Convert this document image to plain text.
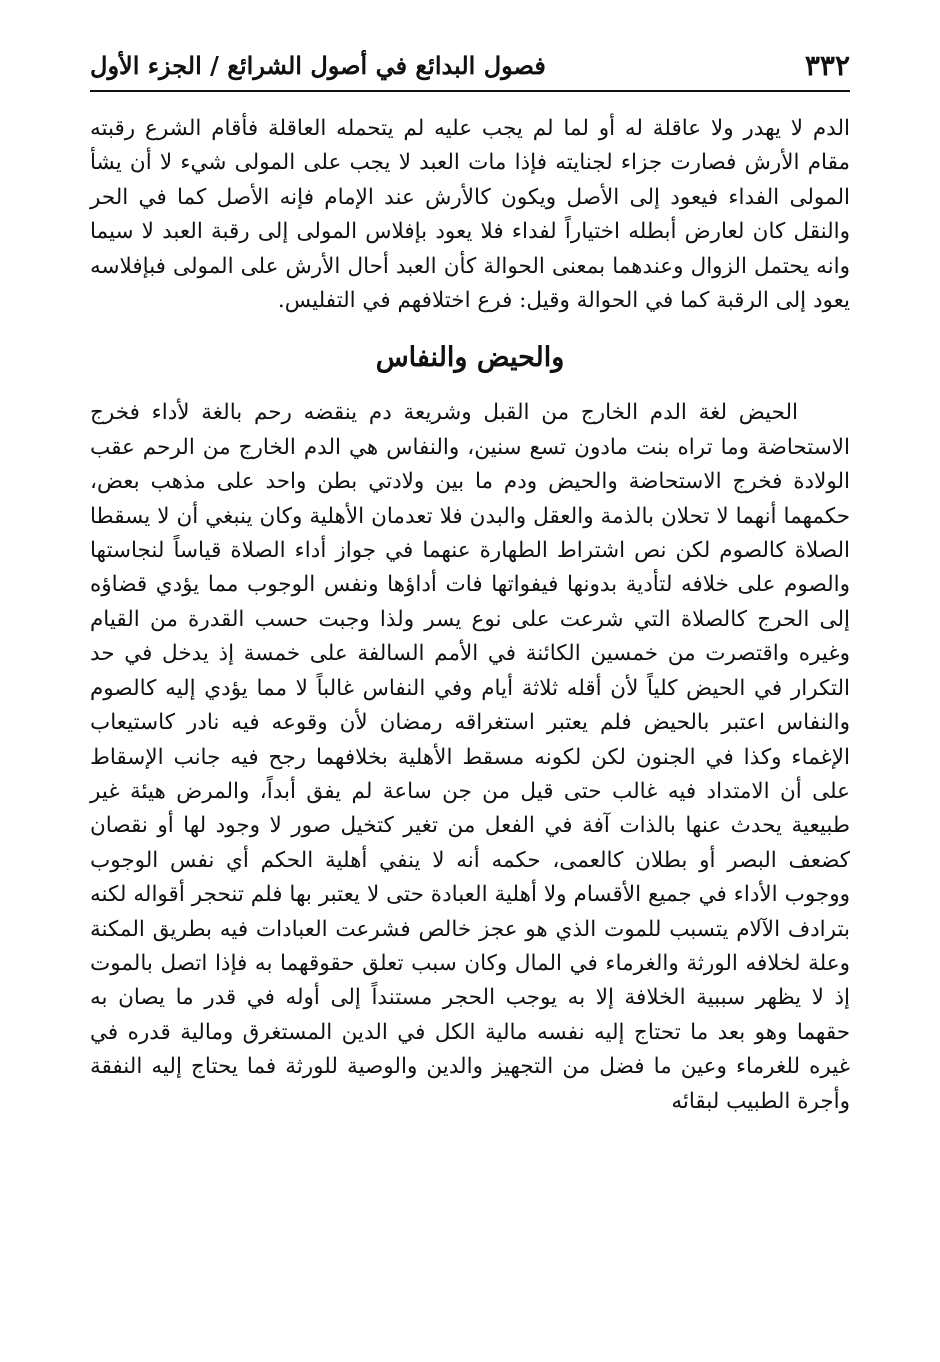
٣٣٢
فصول البدائع في أصول الشرائع / الجزء الأول

الدم لا يهدر ولا عاقلة له أو لما لم يجب عليه لم يتحمله العاقلة فأقام الشرع رقبته مقام الأرش فصارت جزاء لجنايته فإذا مات العبد لا يجب على المولى شيء لا أن يشأ المولى الفداء فيعود إلى الأصل ويكون كالأرش عند الإمام فإنه الأصل كما في الحر والنقل كان لعارض أبطله اختياراً لفداء فلا يعود بإفلاس المولى إلى رقبة العبد لا سيما وانه يحتمل الزوال وعندهما بمعنى الحوالة كأن العبد أحال الأرش على المولى فبإفلاسه يعود إلى الرقبة كما في الحوالة وقيل: فرع اختلافهم في التفليس.

والحيض والنفاس

الحيض لغة الدم الخارج من القبل وشريعة دم ينقضه رحم بالغة لأداء فخرج الاستحاضة وما تراه بنت مادون تسع سنين، والنفاس هي الدم الخارج من الرحم عقب الولادة فخرج الاستحاضة والحيض ودم ما بين ولادتي بطن واحد على مذهب بعض، حكمهما أنهما لا تحلان بالذمة والعقل والبدن فلا تعدمان الأهلية وكان ينبغي أن لا يسقطا الصلاة كالصوم لكن نص اشتراط الطهارة عنهما في جواز أداء الصلاة قياساً لنجاستها والصوم على خلافه لتأدية بدونها فيفواتها فات أداؤها ونفس الوجوب مما يؤدي قضاؤه إلى الحرج كالصلاة التي شرعت على نوع يسر ولذا وجبت حسب القدرة من القيام وغيره واقتصرت من خمسين الكائنة في الأمم السالفة على خمسة إذ يدخل في حد التكرار في الحيض كلياً لأن أقله ثلاثة أيام وفي النفاس غالباً لا مما يؤدي إليه كالصوم والنفاس اعتبر بالحيض فلم يعتبر استغراقه رمضان لأن وقوعه فيه نادر كاستيعاب الإغماء وكذا في الجنون لكن لكونه مسقط الأهلية بخلافهما رجح فيه جانب الإسقاط على أن الامتداد فيه غالب حتى قيل من جن ساعة لم يفق أبداً، والمرض هيئة غير طبيعية يحدث عنها بالذات آفة في الفعل من تغير كتخيل صور لا وجود لها أو نقصان كضعف البصر أو بطلان كالعمى، حكمه أنه لا ينفي أهلية الحكم أي نفس الوجوب ووجوب الأداء في جميع الأقسام ولا أهلية العبادة حتى لا يعتبر بها فلم تنحجر أقواله لكنه بترادف الآلام يتسبب للموت الذي هو عجز خالص فشرعت العبادات فيه بطريق المكنة وعلة لخلافه الورثة والغرماء في المال وكان سبب تعلق حقوقهما به فإذا اتصل بالموت إذ لا يظهر سببية الخلافة إلا به يوجب الحجر مستنداً إلى أوله في قدر ما يصان به حقهما وهو بعد ما تحتاج إليه نفسه مالية الكل في الدين المستغرق ومالية قدره في غيره للغرماء وعين ما فضل من التجهيز والدين والوصية للورثة فما يحتاج إليه النفقة وأجرة الطبيب لبقائه
